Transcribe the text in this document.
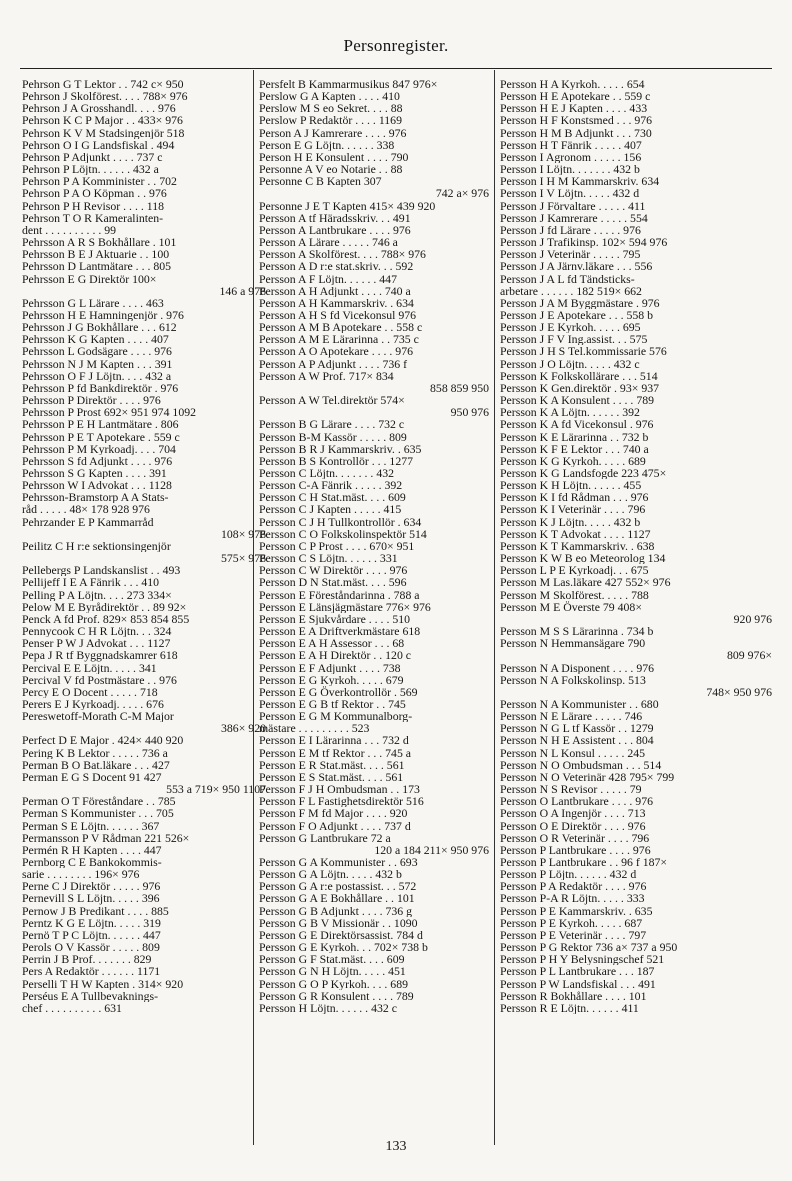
Personregister.
Pehrson G T Lektor . . 742 c× 950
Pehrson J Skolförest. . . . 788× 976
Pehrson J A Grosshandl. . . . 976
Pehrson K C P Major . . 433× 976
Pehrson K V M Stadsingenjör 518
Pehrson O I G Landsfiskal . 494
Pehrson P Adjunkt . . . . 737 c
Pehrson P Löjtn. . . . . . 432 a
Pehrson P A Komminister . . 702
Pehrson P A O Köpman . . 976
Pehrson P H Revisor . . . . 118
Pehrson T O R Kameralinten-
dent . . . . . . . . . . 99
Pehrsson A R S Bokhållare . 101
Pehrsson B E J Aktuarie . . 100
Pehrsson D Lantmätare . . . 805
Pehrsson E G Direktör 100×
146 a 976
Pehrsson G L Lärare . . . . 463
Pehrsson H E Hamningenjör . 976
Pehrsson J G Bokhållare . . . 612
Pehrsson K G Kapten . . . . 407
Pehrsson L Godsägare . . . . 976
Pehrsson N J M Kapten . . . 391
Pehrsson O F J Löjtn. . . . 432 a
Pehrsson P fd Bankdirektör . 976
Pehrsson P Direktör . . . . 976
Pehrsson P Prost 692× 951 974 1092
Pehrsson P E H Lantmätare . 806
Pehrsson P E T Apotekare . 559 c
Pehrsson P M Kyrkoadj. . . . 704
Pehrsson S fd Adjunkt . . . . 976
Pehrsson S G Kapten . . . . 391
Pehrsson W I Advokat . . . 1128
Pehrsson-Bramstorp A A Stats-
råd . . . . . 48× 178 928 976
Pehrzander E P Kammarråd
108× 976
Peilitz C H r:e sektionsingenjör
575× 976
Pellebergs P Landskanslist . . 493
Pellijeff I E A Fänrik . . . 410
Pelling P A Löjtn. . . . 273 334×
Pelow M E Byrådirektör . . 89 92×
Penck A fd Prof. 829× 853 854 855
Pennycook C H R Löjtn. . . 324
Penser P W J Advokat . . . 1127
Pepa J R tf Byggnadskamrer 618
Percival E E Löjtn. . . . . 341
Percival V fd Postmästare . . 976
Percy E O Docent . . . . . 718
Perers E J Kyrkoadj. . . . . 676
Pereswetoff-Morath C-M Major
386× 920
Perfect D E Major . 424× 440 920
Pering K B Lektor . . . . . 736 a
Perman B O Bat.läkare . . . 427
Perman E G S Docent 91 427
553 a 719× 950 1107
Perman O T Föreståndare . . 785
Perman S Kommunister . . . 705
Perman S E Löjtn. . . . . . 367
Permansson P V Rådman 221 526×
Permén R H Kapten . . . . 447
Pernborg C E Bankokommis-
sarie . . . . . . . . 196× 976
Perne C J Direktör . . . . . 976
Pernevill S L Löjtn. . . . . 396
Pernow J B Predikant . . . . 885
Perntz K G E Löjtn. . . . . 319
Pernö T P C Löjtn. . . . . . 447
Perols O V Kassör . . . . . 809
Perrin J B Prof. . . . . . . 829
Pers A Redaktör . . . . . . 1171
Perselli T H W Kapten . 314× 920
Perséus E A Tullbevaknings-
chef . . . . . . . . . . 631
Persfelt B Kammarmusikus 847 976×
Perslow G A Kapten . . . . 410
Perslow M S eo Sekret. . . . 88
Perslow P Redaktör . . . . 1169
Person A J Kamrerare . . . . 976
Person E G Löjtn. . . . . . 338
Person H E Konsulent . . . . 790
Personne A V eo Notarie . . 88
Personne C B Kapten 307
742 a× 976
Personne J E T Kapten 415× 439 920
Persson A tf Häradsskriv. . . 491
Persson A Lantbrukare . . . . 976
Persson A Lärare . . . . . 746 a
Persson A Skolförest. . . . 788× 976
Persson A D r:e stat.skriv. . . 592
Persson A F Löjtn. . . . . . 447
Persson A H Adjunkt . . . . 740 a
Persson A H Kammarskriv. . 634
Persson A H S fd Vicekonsul 976
Persson A M B Apotekare . . 558 c
Persson A M E Lärarinna . . 735 c
Persson A O Apotekare . . . . 976
Persson A P Adjunkt . . . . 736 f
Persson A W Prof. 717× 834
858 859 950
Persson A W Tel.direktör 574×
950 976
Persson B G Lärare . . . . 732 c
Persson B-M Kassör . . . . . 809
Persson B R J Kammarskriv. . 635
Persson B S Kontrollör . . . 1277
Persson C Löjtn. . . . . . . 432
Persson C-A Fänrik . . . . . 392
Persson C H Stat.mäst. . . . 609
Persson C J Kapten . . . . . 415
Persson C J H Tullkontrollör . 634
Persson C O Folkskolinspektör 514
Persson C P Prost . . . . 670× 951
Persson C S Löjtn. . . . . . 331
Persson C W Direktör . . . . 976
Persson D N Stat.mäst. . . . 596
Persson E Föreståndarinna . 788 a
Persson E Länsjägmästare 776× 976
Persson E Sjukvårdare . . . . 510
Persson E A Driftverkmästare 618
Persson E A H Assessor . . . 68
Persson E A H Direktör . . 120 c
Persson E F Adjunkt . . . . 738
Persson E G Kyrkoh. . . . . 679
Persson E G Överkontrollör . 569
Persson E G B tf Rektor . . 745
Persson E G M Kommunalborg-
mästare . . . . . . . . . 523
Persson E I Lärarinna . . . 732 d
Persson E M tf Rektor . . . 745 a
Persson E R Stat.mäst. . . . 561
Persson E S Stat.mäst. . . . 561
Persson F J H Ombudsman . . 173
Persson F L Fastighetsdirektör 516
Persson F M fd Major . . . . 920
Persson F O Adjunkt . . . . 737 d
Persson G Lantbrukare 72 a
120 a 184 211× 950 976
Persson G A Kommunister . . 693
Persson G A Löjtn. . . . . 432 b
Persson G A r:e postassist. . . 572
Persson G A E Bokhållare . . 101
Persson G B Adjunkt . . . . 736 g
Persson G B V Missionär . . 1090
Persson G E Direktörsassist. 784 d
Persson G E Kyrkoh. . . 702× 738 b
Persson G F Stat.mäst. . . . 609
Persson G N H Löjtn. . . . . 451
Persson G O P Kyrkoh. . . . 689
Persson G R Konsulent . . . . 789
Persson H Löjtn. . . . . . 432 c
Persson H A Kyrkoh. . . . . 654
Persson H E Apotekare . . 559 c
Persson H E J Kapten . . . . 433
Persson H F Konstsmed . . . 976
Persson H M B Adjunkt . . . 730
Persson H T Fänrik . . . . . 407
Persson I Agronom . . . . . 156
Persson I Löjtn. . . . . . . 432 b
Persson I H M Kammarskriv. 634
Persson I V Löjtn. . . . . 432 d
Persson J Förvaltare . . . . . 411
Persson J Kamrerare . . . . . 554
Persson J fd Lärare . . . . . 976
Persson J Trafikinsp. 102× 594 976
Persson J Veterinär . . . . . 795
Persson J A Järnv.läkare . . . 556
Persson J A L fd Tändsticks-
arbetare . . . . . . 182 519× 662
Persson J A M Byggmästare . 976
Persson J E Apotekare . . . 558 b
Persson J E Kyrkoh. . . . . 695
Persson J F V Ing.assist. . . 575
Persson J H S Tel.kommissarie 576
Persson J O Löjtn. . . . . 432 c
Persson K Folkskollärare . . . 514
Persson K Gen.direktör . 93× 937
Persson K A Konsulent . . . . 789
Persson K A Löjtn. . . . . . 392
Persson K A fd Vicekonsul . 976
Persson K E Lärarinna . . 732 b
Persson K F E Lektor . . . 740 a
Persson K G Kyrkoh. . . . . 689
Persson K G Landsfogde 223 475×
Persson K H Löjtn. . . . . . 455
Persson K I fd Rådman . . . 976
Persson K I Veterinär . . . . 796
Persson K J Löjtn. . . . . 432 b
Persson K T Advokat . . . . 1127
Persson K T Kammarskriv. . 638
Persson K W B eo Meteorolog 134
Persson L P E Kyrkoadj. . . 675
Persson M Las.läkare 427 552× 976
Persson M Skolförest. . . . . 788
Persson M E Överste 79 408×
920 976
Persson M S S Lärarinna . 734 b
Persson N Hemmansägare 790
809 976×
Persson N A Disponent . . . . 976
Persson N A Folkskolinsp. 513
748× 950 976
Persson N A Kommunister . . 680
Persson N E Lärare . . . . . 746
Persson N G L tf Kassör . . 1279
Persson N H E Assistent . . . 804
Persson N L Konsul . . . . . 245
Persson N O Ombudsman . . . 514
Persson N O Veterinär 428 795× 799
Persson N S Revisor . . . . . 79
Persson O Lantbrukare . . . . 976
Persson O A Ingenjör . . . . 713
Persson O E Direktör . . . . 976
Persson O R Veterinär . . . . 796
Persson P Lantbrukare . . . . 976
Persson P Lantbrukare . . 96 f 187×
Persson P Löjtn. . . . . . 432 d
Persson P A Redaktör . . . . 976
Persson P-A R Löjtn. . . . . 333
Persson P E Kammarskriv. . 635
Persson P E Kyrkoh. . . . . 687
Persson P E Veterinär . . . . 797
Persson P G Rektor 736 a× 737 a 950
Persson P H Y Belysningschef 521
Persson P L Lantbrukare . . . 187
Persson P W Landsfiskal . . . 491
Persson R Bokhållare . . . . 101
Persson R E Löjtn. . . . . . 411
133
